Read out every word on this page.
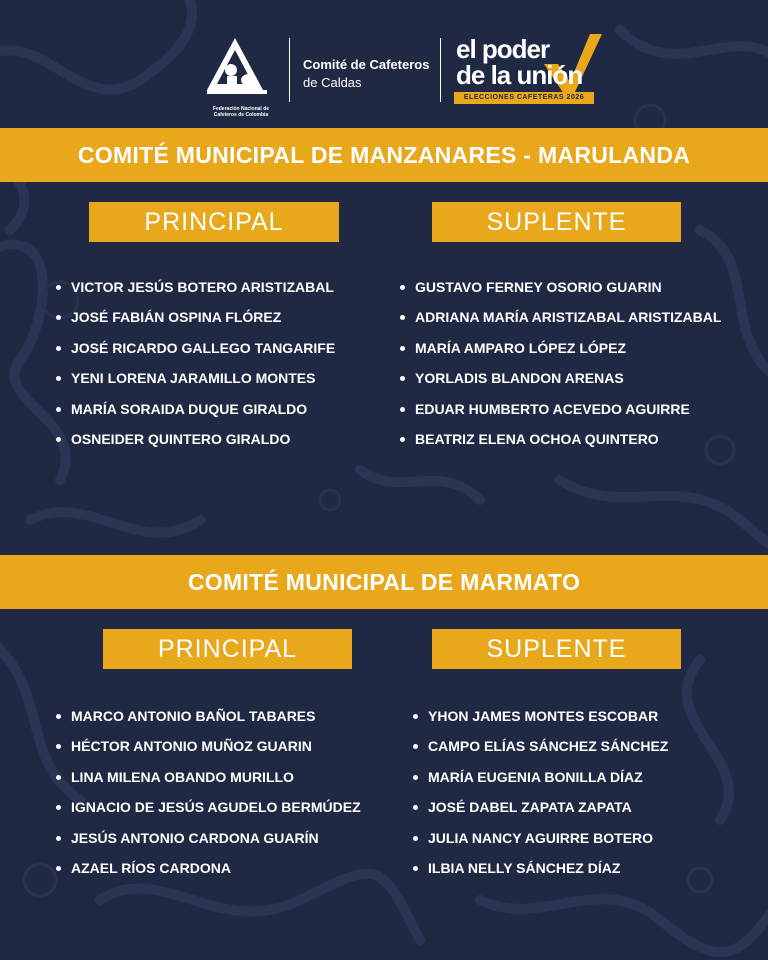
Federación Nacional de Cafeteros de Colombia
Comité de Cafeteros
de Caldas
el poder
de la unión
ELECCIONES CAFETERAS 2026
COMITÉ MUNICIPAL DE MANZANARES - MARULANDA
PRINCIPAL	SUPLENTE
VICTOR JESÚS BOTERO ARISTIZABAL
JOSÉ FABIÁN OSPINA FLÓREZ
JOSÉ RICARDO GALLEGO TANGARIFE
YENI LORENA JARAMILLO MONTES
MARÍA SORAIDA DUQUE GIRALDO
OSNEIDER QUINTERO GIRALDO
GUSTAVO FERNEY OSORIO GUARIN
ADRIANA MARÍA ARISTIZABAL ARISTIZABAL
MARÍA AMPARO LÓPEZ LÓPEZ
YORLADIS BLANDON ARENAS
EDUAR HUMBERTO ACEVEDO AGUIRRE
BEATRIZ ELENA OCHOA QUINTERO
COMITÉ MUNICIPAL DE MARMATO
PRINCIPAL	SUPLENTE
MARCO ANTONIO BAÑOL TABARES
HÉCTOR ANTONIO MUÑOZ GUARIN
LINA MILENA OBANDO MURILLO
IGNACIO DE JESÚS AGUDELO BERMÚDEZ
JESÚS ANTONIO CARDONA GUARÍN
AZAEL RÍOS CARDONA
YHON JAMES MONTES ESCOBAR
CAMPO ELÍAS SÁNCHEZ SÁNCHEZ
MARÍA EUGENIA BONILLA DÍAZ
JOSÉ DABEL ZAPATA ZAPATA
JULIA NANCY AGUIRRE BOTERO
ILBIA NELLY SÁNCHEZ DÍAZ
